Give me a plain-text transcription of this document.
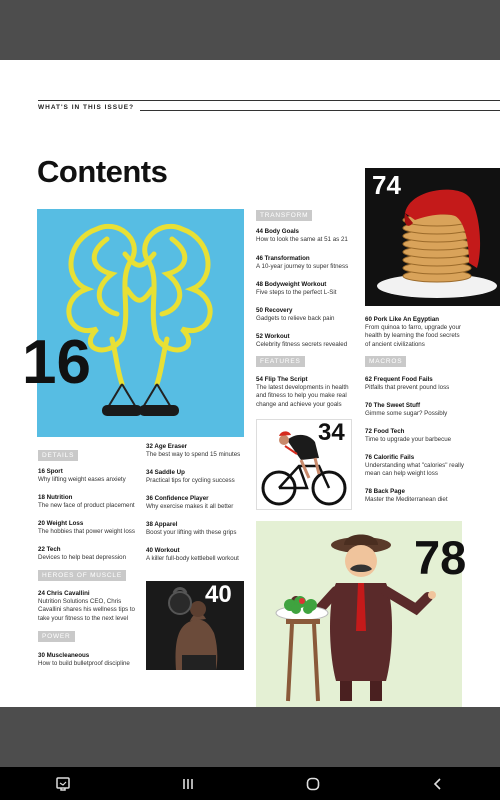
WHAT'S IN THIS ISSUE?
Contents
16
74
34
40
78
TRANSFORM
44 Body Goals
How to look the same at 51 as 21
46 Transformation
A 10-year journey to super fitness
48 Bodyweight Workout
Five steps to the perfect L-Sit
50 Recovery
Gadgets to relieve back pain
52 Workout
Celebrity fitness secrets revealed
FEATURES
54 Flip The Script
The latest developments in health and fitness to help you make real change and achieve your goals
60 Pork Like An Egyptian
From quinoa to farro, upgrade your health by learning the food secrets of ancient civilizations
MACROS
62 Frequent Food Fails
Pitfalls that prevent pound loss
70 The Sweet Stuff
Gimme some sugar? Possibly
72 Food Tech
Time to upgrade your barbecue
76 Calorific Fails
Understanding what "calories" really mean can help weight loss
78 Back Page
Master the Mediterranean diet
DETAILS
16 Sport
Why lifting weight eases anxiety
18 Nutrition
The new face of product placement
20 Weight Loss
The hobbies that power weight loss
22 Tech
Devices to help beat depression
HEROES OF MUSCLE
24 Chris Cavallini
Nutrition Solutions CEO, Chris Cavallini shares his wellness tips to take your fitness to the next level
POWER
30 Muscleaneous
How to build bulletproof discipline
32 Age Eraser
The best way to spend 15 minutes
34 Saddle Up
Practical tips for cycling success
36 Confidence Player
Why exercise makes it all better
38 Apparel
Boost your lifting with these grips
40 Workout
A killer full-body kettlebell workout
